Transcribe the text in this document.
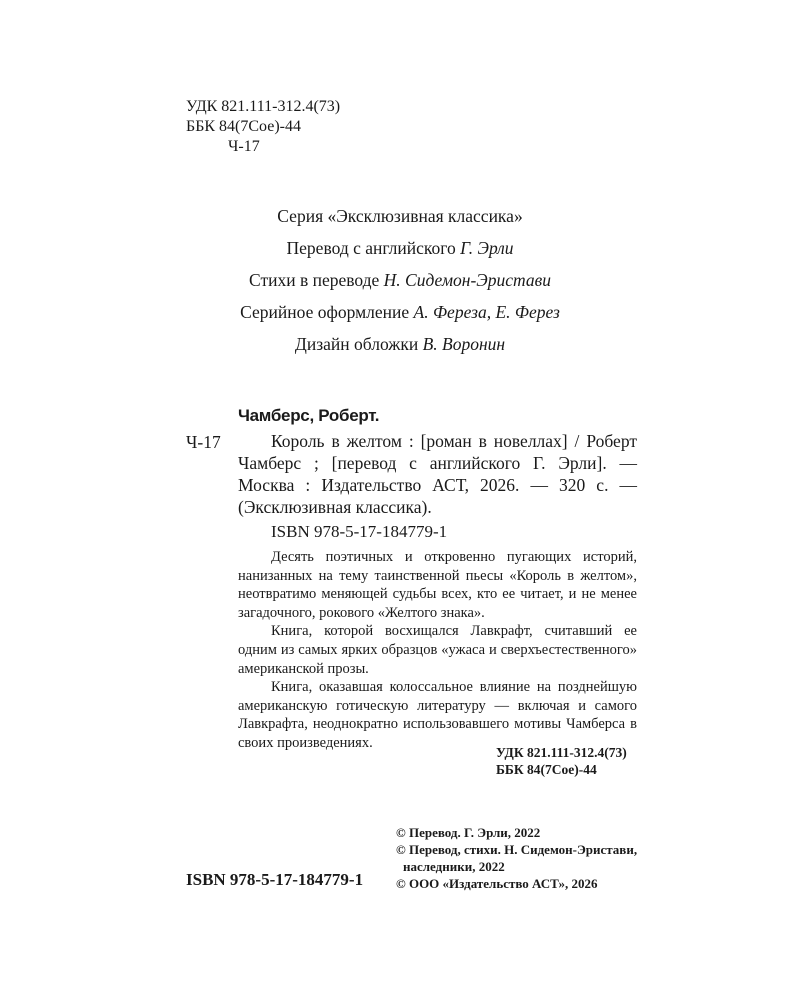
УДК 821.111-312.4(73)
ББК 84(7Сое)-44
Ч-17
Серия «Эксклюзивная классика»
Перевод с английского Г. Эрли
Стихи в переводе Н. Сидемон-Эристави
Серийное оформление А. Фереза, Е. Ферез
Дизайн обложки В. Воронин
Чамберс, Роберт.
Ч-17	Король в желтом : [роман в новеллах] / Роберт Чамберс ; [перевод с английского Г. Эрли]. — Москва : Издательство АСТ, 2026. — 320 с. — (Эксклюзивная классика).
ISBN 978-5-17-184779-1

Десять поэтичных и откровенно пугающих историй, нанизанных на тему таинственной пьесы «Король в желтом», неотвратимо меняющей судьбы всех, кто ее читает, и не менее загадочного, рокового «Желтого знака».

Книга, которой восхищался Лавкрафт, считавший ее одним из самых ярких образцов «ужаса и сверхъестественного» американской прозы.

Книга, оказавшая колоссальное влияние на позднейшую американскую готическую литературу — включая и самого Лавкрафта, неоднократно использовавшего мотивы Чамберса в своих произведениях.

УДК 821.111-312.4(73)
ББК 84(7Сое)-44
© Перевод. Г. Эрли, 2022
© Перевод, стихи. Н. Сидемон-Эристави,
наследники, 2022
© ООО «Издательство АСТ», 2026
ISBN 978-5-17-184779-1
